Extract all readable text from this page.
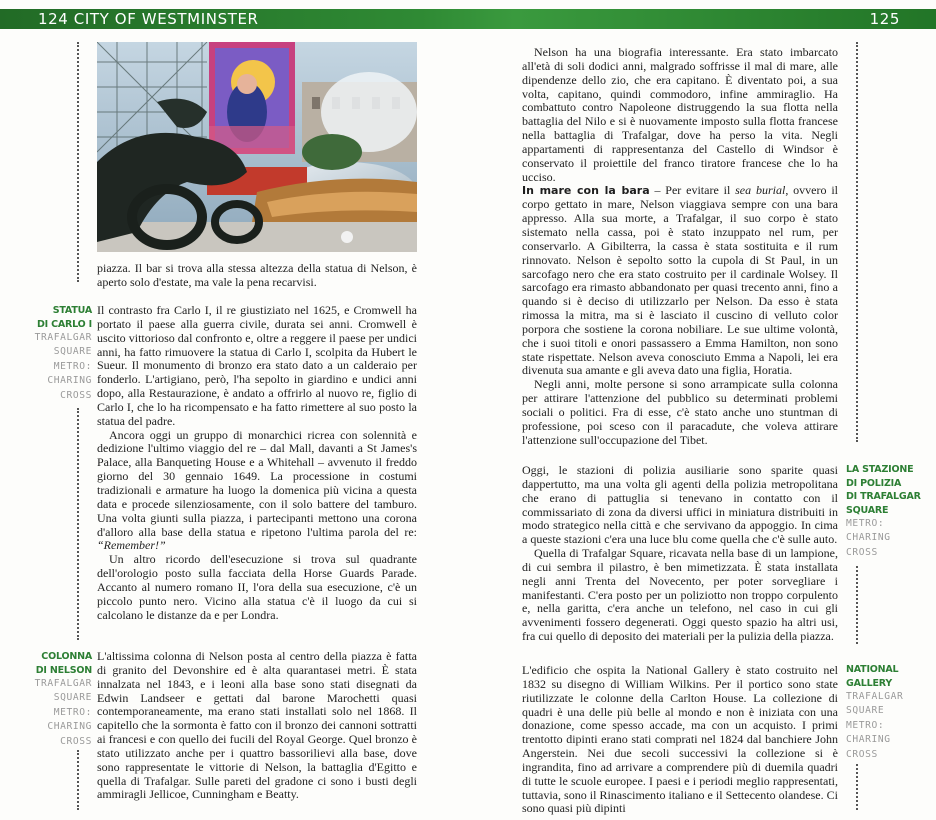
124 CITY OF WESTMINSTER	125

piazza. Il bar si trova alla stessa altezza della statua di Nelson, è aperto solo d'estate, ma vale la pena recarvisi.

STATUA
DI CARLO I
TRAFALGAR
SQUARE
METRO:
CHARING
CROSS

Il contrasto fra Carlo I, il re giustiziato nel 1625, e Cromwell ha portato il paese alla guerra civile, durata sei anni. Cromwell è uscito vittorioso dal confronto e, oltre a reggere il paese per undici anni, ha fatto rimuovere la statua di Carlo I, scolpita da Hubert le Sueur. Il monumento di bronzo era stato dato a un calderaio per fonderlo. L'artigiano, però, l'ha sepolto in giardino e undici anni dopo, alla Restaurazione, è andato a offrirlo al nuovo re, figlio di Carlo I, che lo ha ricompensato e ha fatto rimettere al suo posto la statua del padre.

Ancora oggi un gruppo di monarchici ricrea con solennità e dedizione l'ultimo viaggio del re – dal Mall, davanti a St James's Palace, alla Banqueting House e a Whitehall – avvenuto il freddo giorno del 30 gennaio 1649. La processione in costumi tradizionali e armature ha luogo la domenica più vicina a questa data e procede silenziosamente, con il solo battere del tamburo. Una volta giunti sulla piazza, i partecipanti mettono una corona d'alloro alla base della statua e ripetono l'ultima parola del re: “Remember!”

Un altro ricordo dell'esecuzione si trova sul quadrante dell'orologio posto sulla facciata della Horse Guards Parade. Accanto al numero romano II, l'ora della sua esecuzione, c'è un piccolo punto nero. Vicino alla statua c'è il luogo da cui si calcolano le distanze da e per Londra.

COLONNA
DI NELSON
TRAFALGAR
SQUARE
METRO:
CHARING
CROSS

L'altissima colonna di Nelson posta al centro della piazza è fatta di granito del Devonshire ed è alta quarantasei metri. È stata innalzata nel 1843, e i leoni alla base sono stati disegnati da Edwin Landseer e gettati dal barone Marochetti quasi contemporaneamente, ma erano stati installati solo nel 1868. Il capitello che la sormonta è fatto con il bronzo dei cannoni sottratti ai francesi e con quello dei fucili del Royal George. Quel bronzo è stato utilizzato anche per i quattro bassorilievi alla base, dove sono rappresentate le vittorie di Nelson, la battaglia d'Egitto e quella di Trafalgar. Sulle pareti del gradone ci sono i busti degli ammiragli Jellicoe, Cunningham e Beatty.

Nelson ha una biografia interessante. Era stato imbarcato all'età di soli dodici anni, malgrado soffrisse il mal di mare, alle dipendenze dello zio, che era capitano. È diventato poi, a sua volta, capitano, quindi commodoro, infine ammiraglio. Ha combattuto contro Napoleone distruggendo la sua flotta nella battaglia del Nilo e si è nuovamente imposto sulla flotta francese nella battaglia di Trafalgar, dove ha perso la vita. Negli appartamenti di rappresentanza del Castello di Windsor è conservato il proiettile del franco tiratore francese che lo ha ucciso.

In mare con la bara – Per evitare il sea burial, ovvero il corpo gettato in mare, Nelson viaggiava sempre con una bara appresso. Alla sua morte, a Trafalgar, il suo corpo è stato sistemato nella cassa, poi è stato inzuppato nel rum, per conservarlo. A Gibilterra, la cassa è stata sostituita e il rum rinnovato. Nelson è sepolto sotto la cupola di St Paul, in un sarcofago nero che era stato costruito per il cardinale Wolsey. Il sarcofago era rimasto abbandonato per quasi trecento anni, fino a quando si è deciso di utilizzarlo per Nelson. Da esso è stata rimossa la mitra, ma si è lasciato il cuscino di velluto color porpora che sostiene la corona nobiliare. Le sue ultime volontà, che i suoi titoli e onori passassero a Emma Hamilton, non sono state rispettate. Nelson aveva conosciuto Emma a Napoli, lei era divenuta sua amante e gli aveva dato una figlia, Horatia.

Negli anni, molte persone si sono arrampicate sulla colonna per attirare l'attenzione del pubblico su determinati problemi sociali o politici. Fra di esse, c'è stato anche uno stuntman di professione, poi sceso con il paracadute, che voleva attirare l'attenzione sull'occupazione del Tibet.

Oggi, le stazioni di polizia ausiliarie sono sparite quasi dappertutto, ma una volta gli agenti della polizia metropolitana che erano di pattuglia si tenevano in contatto con il commissariato di zona da diversi uffici in miniatura distribuiti in modo strategico nella città e che servivano da appoggio. In cima a queste stazioni c'era una luce blu come quella che c'è sulle auto.

Quella di Trafalgar Square, ricavata nella base di un lampione, di cui sembra il pilastro, è ben mimetizzata. È stata installata negli anni Trenta del Novecento, per poter sorvegliare i manifestanti. C'era posto per un poliziotto non troppo corpulento e, nella garitta, c'era anche un telefono, nel caso in cui gli avvenimenti fossero degenerati. Oggi questo spazio ha altri usi, fra cui quello di deposito dei materiali per la pulizia della piazza.

LA STAZIONE
DI POLIZIA
DI TRAFALGAR
SQUARE
METRO:
CHARING
CROSS

L'edificio che ospita la National Gallery è stato costruito nel 1832 su disegno di William Wilkins. Per il portico sono state riutilizzate le colonne della Carlton House. La collezione di quadri è una delle più belle al mondo e non è iniziata con una donazione, come spesso accade, ma con un acquisto. I primi trentotto dipinti erano stati comprati nel 1824 dal banchiere John Angerstein. Nei due secoli successivi la collezione si è ingrandita, fino ad arrivare a comprendere più di duemila quadri di tutte le scuole europee. I paesi e i periodi meglio rappresentati, tuttavia, sono il Rinascimento italiano e il Settecento olandese. Ci sono quasi più dipinti

NATIONAL
GALLERY
TRAFALGAR
SQUARE
METRO:
CHARING
CROSS
